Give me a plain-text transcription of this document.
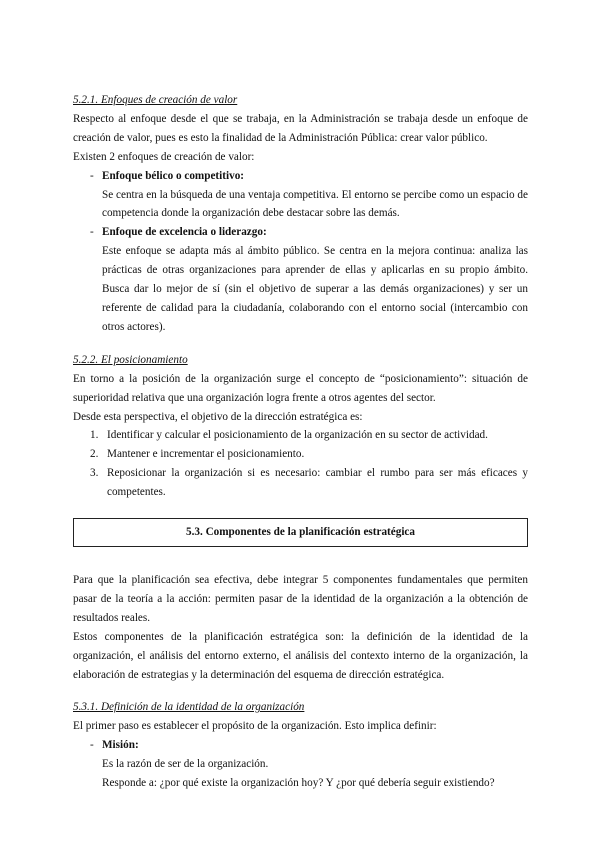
5.2.1. Enfoques de creación de valor

Respecto al enfoque desde el que se trabaja, en la Administración se trabaja desde un enfoque de creación de valor, pues es esto la finalidad de la Administración Pública: crear valor público.

Existen 2 enfoques de creación de valor:

- Enfoque bélico o competitivo:

Se centra en la búsqueda de una ventaja competitiva. El entorno se percibe como un espacio de competencia donde la organización debe destacar sobre las demás.

- Enfoque de excelencia o liderazgo:

Este enfoque se adapta más al ámbito público. Se centra en la mejora continua: analiza las prácticas de otras organizaciones para aprender de ellas y aplicarlas en su propio ámbito. Busca dar lo mejor de sí (sin el objetivo de superar a las demás organizaciones) y ser un referente de calidad para la ciudadanía, colaborando con el entorno social (intercambio con otros actores).

5.2.2. El posicionamiento

En torno a la posición de la organización surge el concepto de “posicionamiento”: situación de superioridad relativa que una organización logra frente a otros agentes del sector.

Desde esta perspectiva, el objetivo de la dirección estratégica es:

1. Identificar y calcular el posicionamiento de la organización en su sector de actividad.
2. Mantener e incrementar el posicionamiento.
3. Reposicionar la organización si es necesario: cambiar el rumbo para ser más eficaces y competentes.
5.3. Componentes de la planificación estratégica

Para que la planificación sea efectiva, debe integrar 5 componentes fundamentales que permiten pasar de la teoría a la acción: permiten pasar de la identidad de la organización a la obtención de resultados reales.

Estos componentes de la planificación estratégica son: la definición de la identidad de la organización, el análisis del entorno externo, el análisis del contexto interno de la organización, la elaboración de estrategias y la determinación del esquema de dirección estratégica.

5.3.1. Definición de la identidad de la organización

El primer paso es establecer el propósito de la organización. Esto implica definir:

- Misión:

Es la razón de ser de la organización.

Responde a: ¿por qué existe la organización hoy? Y ¿por qué debería seguir existiendo?
